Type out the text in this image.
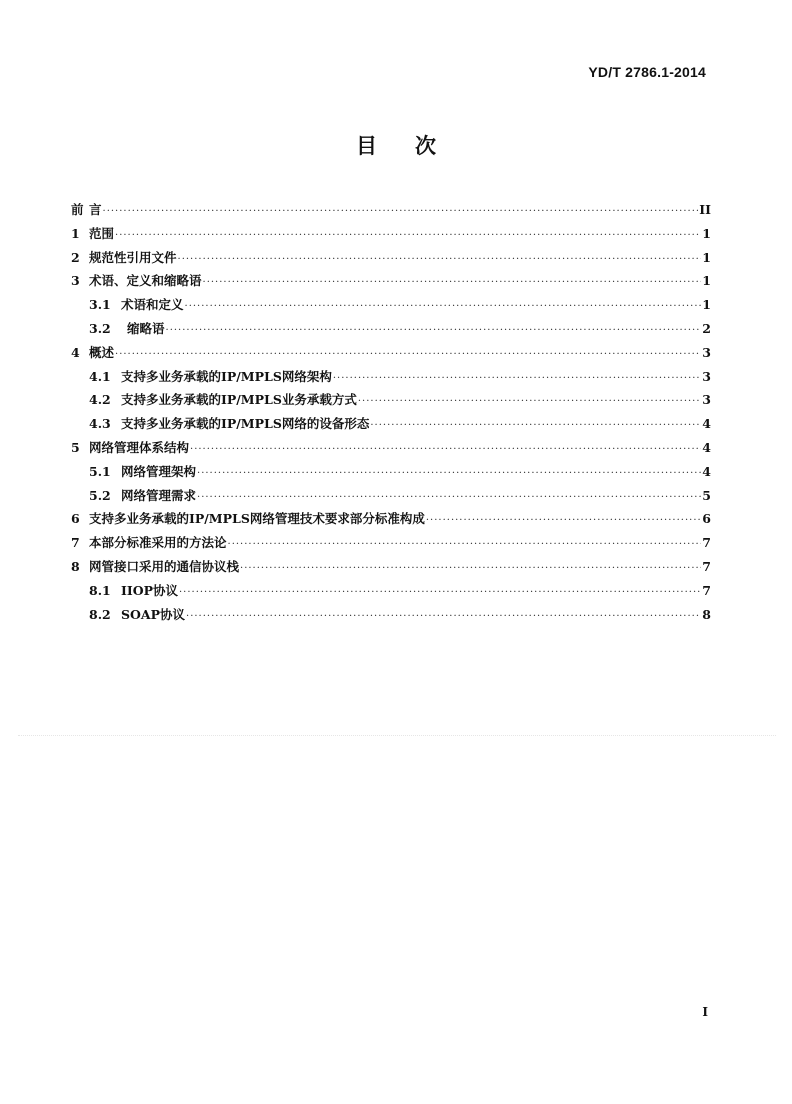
YD/T 2786.1-2014
目 次
前 言 ·····	II
1 范围 ·····	1
2 规范性引用文件 ·····	1
3 术语、定义和缩略语 ·····	1
3.1 术语和定义 ·····	1
3.2	缩略语 ·····	2
4 概述 ·····	3
4.1 支持多业务承载的IP/MPLS网络架构 ·····	3
4.2 支持多业务承载的IP/MPLS业务承载方式 ·····	3
4.3 支持多业务承载的IP/MPLS网络的设备形态 ·····	4
5 网络管理体系结构 ·····	4
5.1 网络管理架构 ·····	4
5.2 网络管理需求 ·····	5
6 支持多业务承载的IP/MPLS网络管理技术要求部分标准构成 ·····	6
7 本部分标准采用的方法论 ·····	7
8 网管接口采用的通信协议栈 ·····	7
8.1 IIOP协议 ·····	7
8.2 SOAP协议 ·····	8
I
